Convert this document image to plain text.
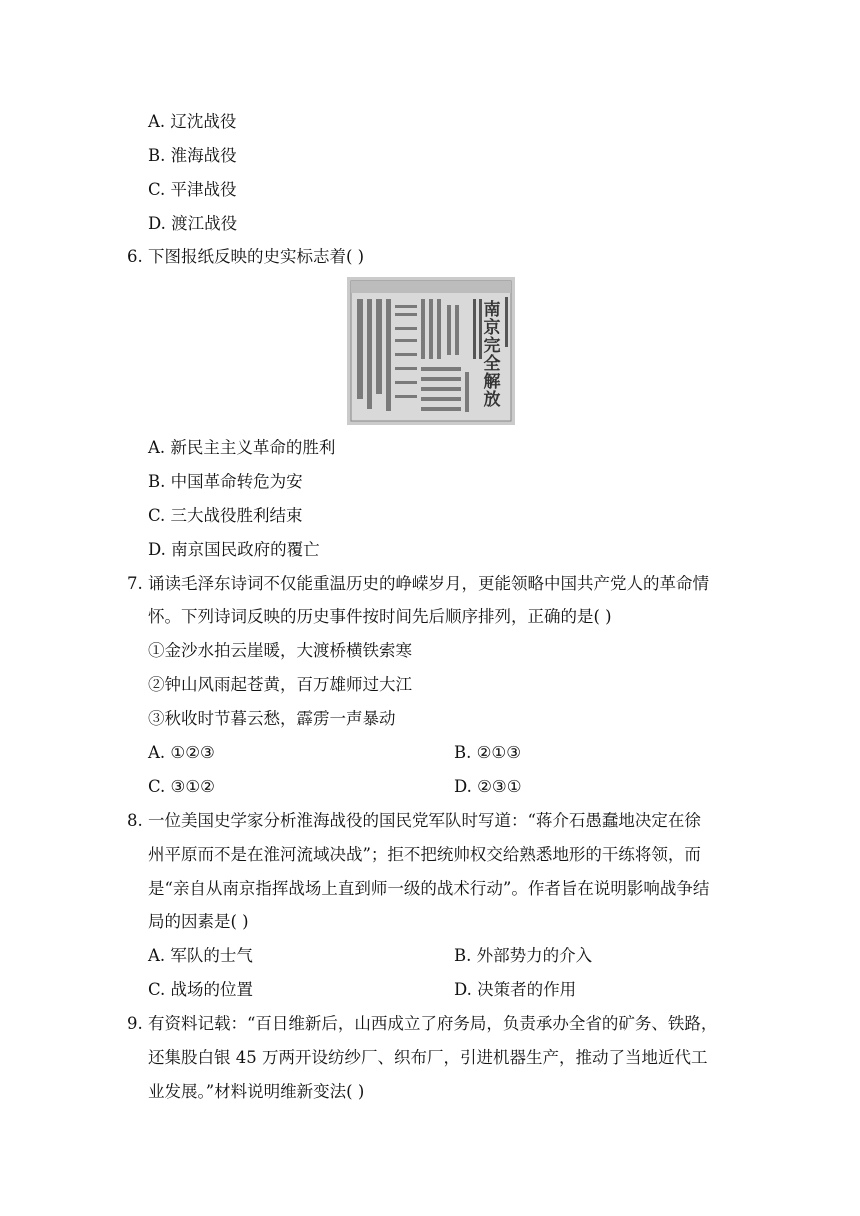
A. 辽沈战役
B. 淮海战役
C. 平津战役
D. 渡江战役
6. 下图报纸反映的史实标志着( )
南
京
完
全
解
放
A. 新民主主义革命的胜利
B. 中国革命转危为安
C. 三大战役胜利结束
D. 南京国民政府的覆亡
7. 诵读毛泽东诗词不仅能重温历史的峥嵘岁月，更能领略中国共产党人的革命情
怀。下列诗词反映的历史事件按时间先后顺序排列，正确的是( )
①金沙水拍云崖暖，大渡桥横铁索寒
②钟山风雨起苍黄，百万雄师过大江
③秋收时节暮云愁，霹雳一声暴动
A. ①②③	B. ②①③
C. ③①②	D. ②③①
8. 一位美国史学家分析淮海战役的国民党军队时写道：“蒋介石愚蠢地决定在徐
州平原而不是在淮河流域决战”；拒不把统帅权交给熟悉地形的干练将领，而
是“亲自从南京指挥战场上直到师一级的战术行动”。作者旨在说明影响战争结
局的因素是( )
A. 军队的士气	B. 外部势力的介入
C. 战场的位置	D. 决策者的作用
9. 有资料记载：“百日维新后，山西成立了府务局，负责承办全省的矿务、铁路，
还集股白银 45 万两开设纺纱厂、织布厂，引进机器生产，推动了当地近代工
业发展。”材料说明维新变法( )
